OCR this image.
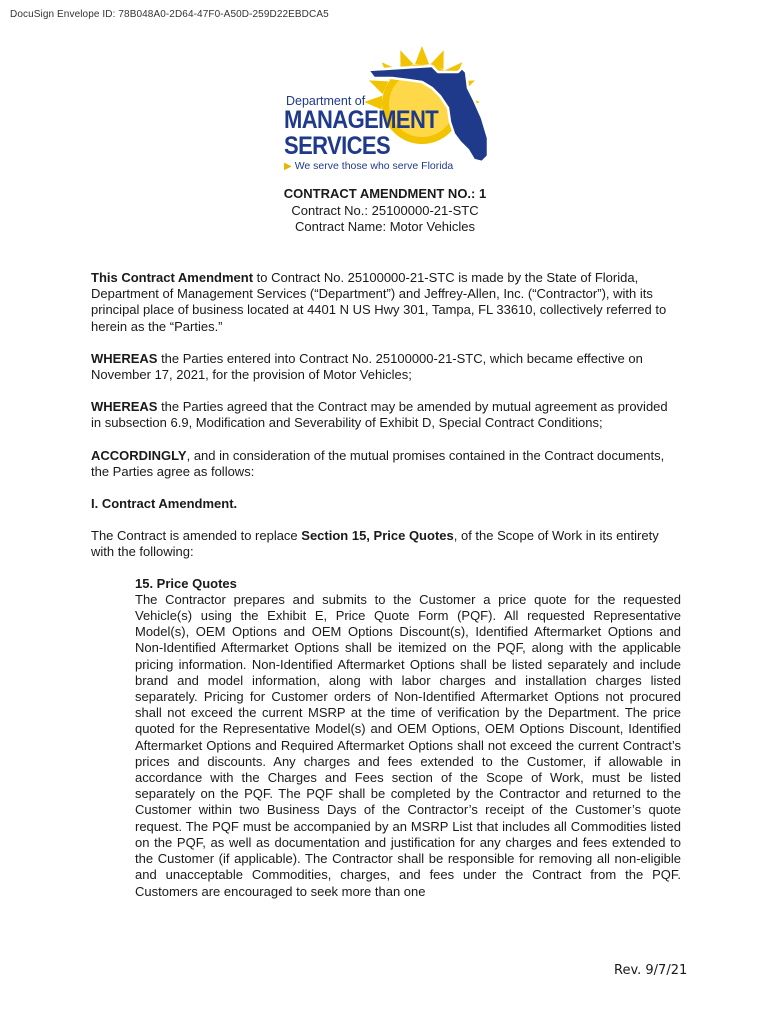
DocuSign Envelope ID: 78B048A0-2D64-47F0-A50D-259D22EBDCA5
Department of
MANAGEMENT
SERVICES
▶ We serve those who serve Florida
CONTRACT AMENDMENT NO.: 1
Contract No.: 25100000-21-STC
Contract Name: Motor Vehicles

This Contract Amendment to Contract No. 25100000-21-STC is made by the State of Florida, Department of Management Services (“Department”) and Jeffrey-Allen, Inc. (“Contractor”), with its principal place of business located at 4401 N US Hwy 301, Tampa, FL 33610, collectively referred to herein as the “Parties.”

WHEREAS the Parties entered into Contract No. 25100000-21-STC, which became effective on November 17, 2021, for the provision of Motor Vehicles;

WHEREAS the Parties agreed that the Contract may be amended by mutual agreement as provided in subsection 6.9, Modification and Severability of Exhibit D, Special Contract Conditions;

ACCORDINGLY, and in consideration of the mutual promises contained in the Contract documents, the Parties agree as follows:

I. Contract Amendment.

The Contract is amended to replace Section 15, Price Quotes, of the Scope of Work in its entirety with the following:

15. Price Quotes
The Contractor prepares and submits to the Customer a price quote for the requested Vehicle(s) using the Exhibit E, Price Quote Form (PQF). All requested Representative Model(s), OEM Options and OEM Options Discount(s), Identified Aftermarket Options and Non-Identified Aftermarket Options shall be itemized on the PQF, along with the applicable pricing information. Non-Identified Aftermarket Options shall be listed separately and include brand and model information, along with labor charges and installation charges listed separately. Pricing for Customer orders of Non-Identified Aftermarket Options not procured shall not exceed the current MSRP at the time of verification by the Department. The price quoted for the Representative Model(s) and OEM Options, OEM Options Discount, Identified Aftermarket Options and Required Aftermarket Options shall not exceed the current Contract’s prices and discounts. Any charges and fees extended to the Customer, if allowable in accordance with the Charges and Fees section of the Scope of Work, must be listed separately on the PQF. The PQF shall be completed by the Contractor and returned to the Customer within two Business Days of the Contractor’s receipt of the Customer’s quote request. The PQF must be accompanied by an MSRP List that includes all Commodities listed on the PQF, as well as documentation and justification for any charges and fees extended to the Customer (if applicable). The Contractor shall be responsible for removing all non-eligible and unacceptable Commodities, charges, and fees under the Contract from the PQF. Customers are encouraged to seek more than one
Rev. 9/7/21
